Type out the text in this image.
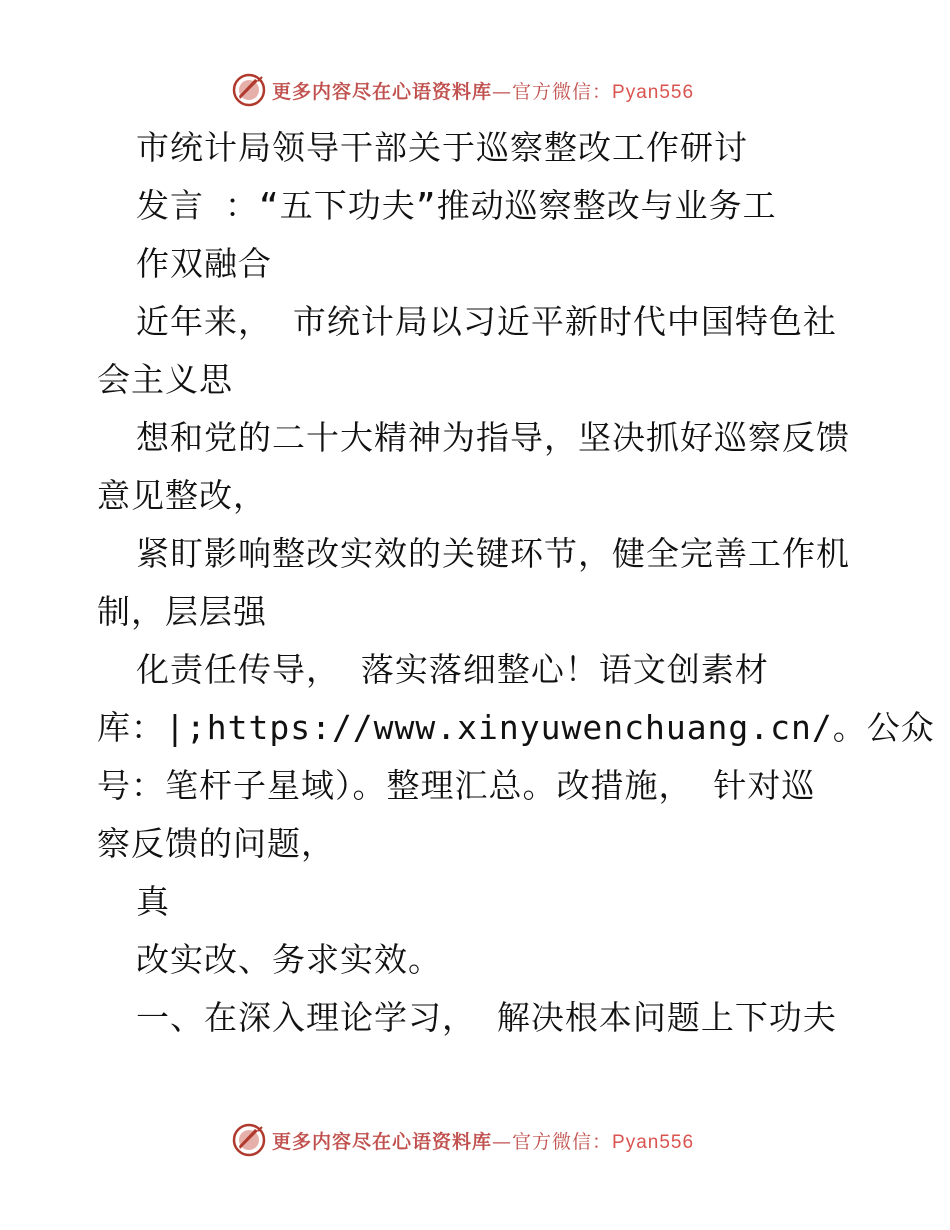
更多内容尽在心语资料库—官方微信：Pyan556
市统计局领导干部关于巡察整改工作研讨
发言 ：“五下功夫”推动巡察整改与业务工
作双融合
近年来， 市统计局以习近平新时代中国特色社
会主义思
想和党的二十大精神为指导，坚决抓好巡察反馈
意见整改，
紧盯影响整改实效的关键环节，健全完善工作机
制，层层强
化责任传导， 落实落细整心！语文创素材
库：|;https://www.xinyuwenchuang.cn/。公众
号：笔杆子星域）。整理汇总。改措施， 针对巡
察反馈的问题，
真
改实改、务求实效。
一、在深入理论学习， 解决根本问题上下功夫
更多内容尽在心语资料库—官方微信：Pyan556
